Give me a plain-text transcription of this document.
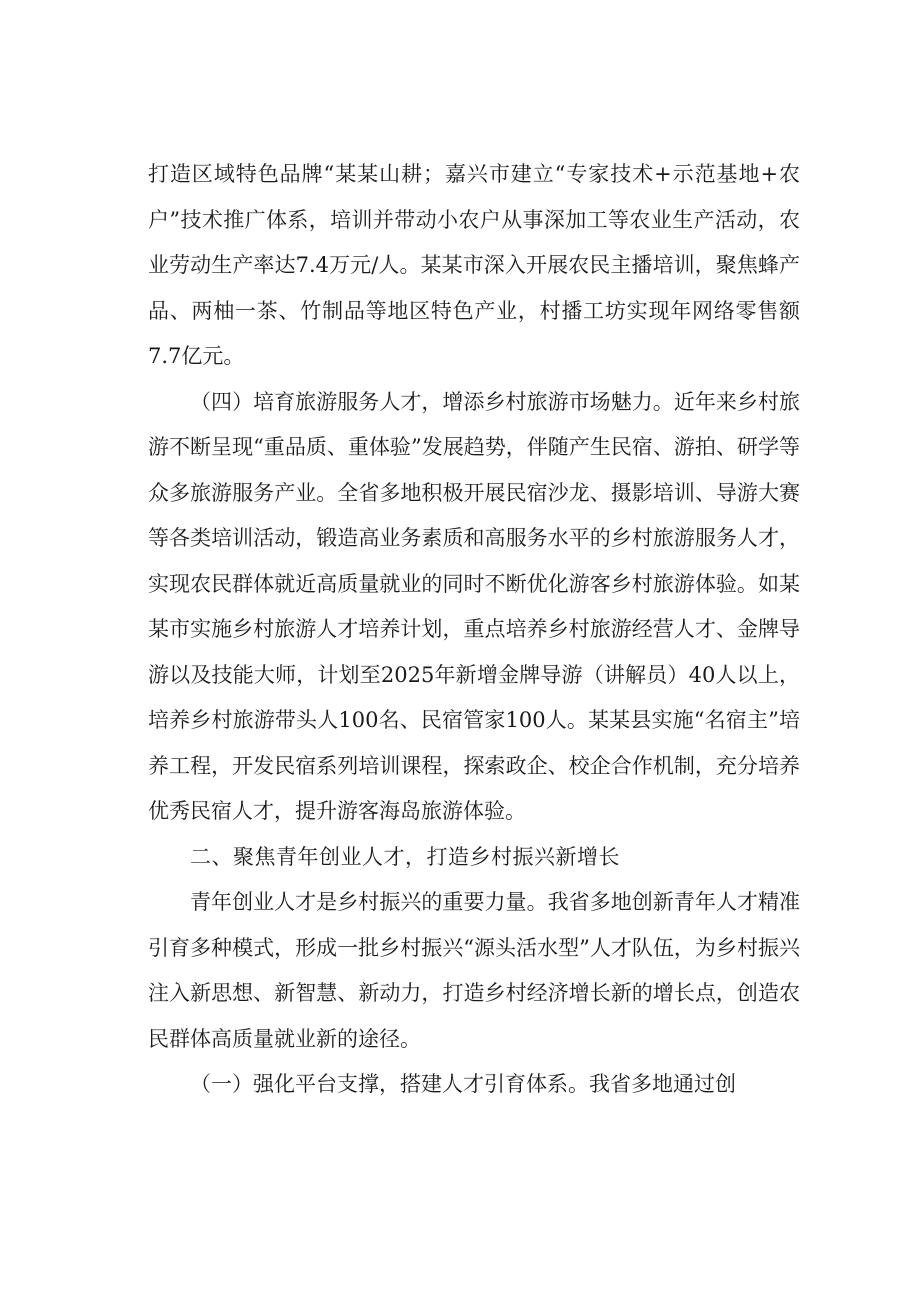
打造区域特色品牌“某某山耕；嘉兴市建立“专家技术+示范基地+农户”技术推广体系，培训并带动小农户从事深加工等农业生产活动，农业劳动生产率达7.4万元/人。某某市深入开展农民主播培训，聚焦蜂产品、两柚一茶、竹制品等地区特色产业，村播工坊实现年网络零售额7.7亿元。

（四）培育旅游服务人才，增添乡村旅游市场魅力。近年来乡村旅游不断呈现“重品质、重体验”发展趋势，伴随产生民宿、游拍、研学等众多旅游服务产业。全省多地积极开展民宿沙龙、摄影培训、导游大赛等各类培训活动，锻造高业务素质和高服务水平的乡村旅游服务人才，实现农民群体就近高质量就业的同时不断优化游客乡村旅游体验。如某某市实施乡村旅游人才培养计划，重点培养乡村旅游经营人才、金牌导游以及技能大师，计划至2025年新增金牌导游（讲解员）40人以上，培养乡村旅游带头人100名、民宿管家100人。某某县实施“名宿主”培养工程，开发民宿系列培训课程，探索政企、校企合作机制，充分培养优秀民宿人才，提升游客海岛旅游体验。

二、聚焦青年创业人才，打造乡村振兴新增长

青年创业人才是乡村振兴的重要力量。我省多地创新青年人才精准引育多种模式，形成一批乡村振兴“源头活水型”人才队伍，为乡村振兴注入新思想、新智慧、新动力，打造乡村经济增长新的增长点，创造农民群体高质量就业新的途径。

（一）强化平台支撑，搭建人才引育体系。我省多地通过创
